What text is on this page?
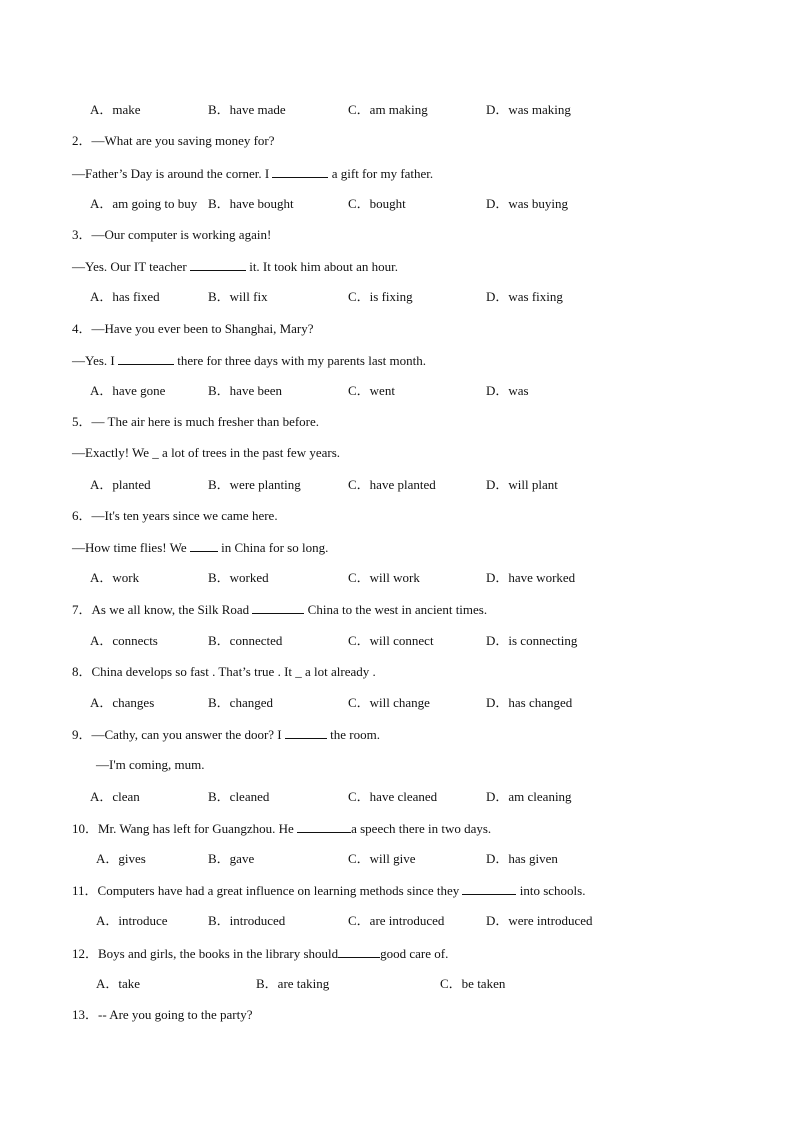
A．make	B．have made	C．am making	D．was making
2．—What are you saving money for?
—Father’s Day is around the corner. I	a gift for my father.
A．am going to buy B．have bought	C．bought	D．was buying
3．—Our computer is working again!
—Yes. Our IT teacher	it. It took him about an hour.
A．has fixed	B．will fix	C．is fixing	D．was fixing
4．—Have you ever been to Shanghai, Mary?
—Yes. I	there for three days with my parents last month.
A．have gone	B．have been	C．went	D．was
5．— The air here is much fresher than before.
—Exactly! We _ a lot of trees in the past few years.
A．planted	B．were planting	C．have planted	D．will plant
6．—It's ten years since we came here.
—How time flies! We  in China for so long.
A．work	B．worked	C．will work	D．have worked
7．As we all know, the Silk Road	China to the west in ancient times.
A．connects	B．connected	C．will connect	D．is connecting
8．China develops so fast . That’s true . It _ a lot already .
A．changes	B．changed	C．will change	D．has changed
9．—Cathy, can you answer the door? I	the room.
—I'm coming, mum.
A．clean	B．cleaned	C．have cleaned	D．am cleaning
10．Mr. Wang has left for Guangzhou. He	a speech there in two days.
A．gives	B．gave	C．will give	D．has given
11．Computers have had a great influence on learning methods since they	into schools.
A．introduce	B．introduced	C．are introduced	D．were introduced
12．Boys and girls, the books in the library should	good care of.
A．take	B．are taking	C．be taken
13．-- Are you going to the party?
